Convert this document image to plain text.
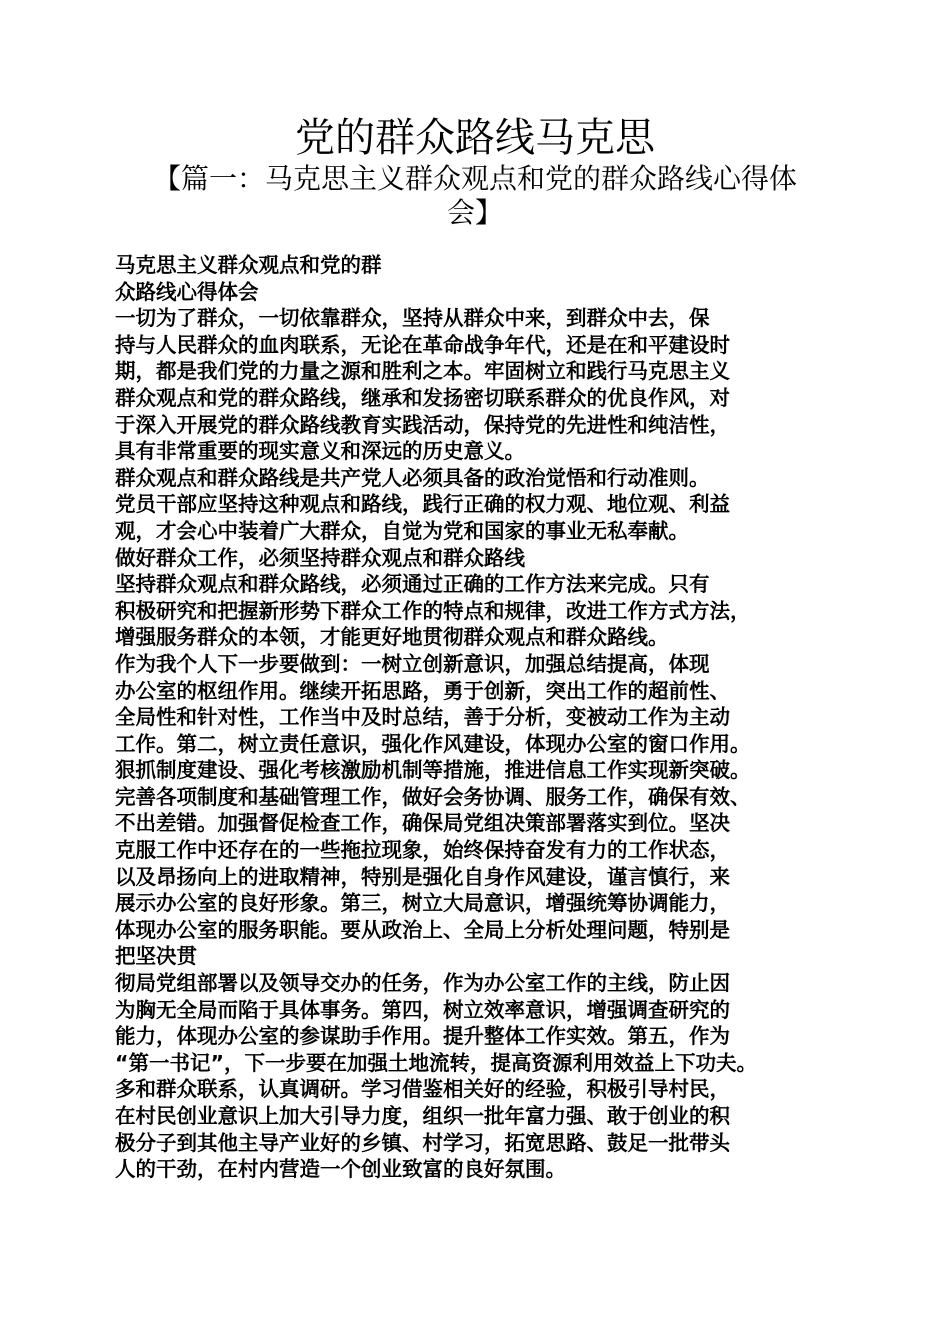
党的群众路线马克思
【篇一：马克思主义群众观点和党的群众路线心得体
会】
马克思主义群众观点和党的群
众路线心得体会
一切为了群众，一切依靠群众，坚持从群众中来，到群众中去，保
持与人民群众的血肉联系，无论在革命战争年代，还是在和平建设时
期，都是我们党的力量之源和胜利之本。牢固树立和践行马克思主义
群众观点和党的群众路线，继承和发扬密切联系群众的优良作风，对
于深入开展党的群众路线教育实践活动，保持党的先进性和纯洁性，
具有非常重要的现实意义和深远的历史意义。
群众观点和群众路线是共产党人必须具备的政治觉悟和行动准则。
党员干部应坚持这种观点和路线，践行正确的权力观、地位观、利益
观，才会心中装着广大群众，自觉为党和国家的事业无私奉献。
做好群众工作，必须坚持群众观点和群众路线
坚持群众观点和群众路线，必须通过正确的工作方法来完成。只有
积极研究和把握新形势下群众工作的特点和规律，改进工作方式方法，
增强服务群众的本领，才能更好地贯彻群众观点和群众路线。
作为我个人下一步要做到：一树立创新意识，加强总结提高，体现
办公室的枢纽作用。继续开拓思路，勇于创新，突出工作的超前性、
全局性和针对性，工作当中及时总结，善于分析，变被动工作为主动
工作。第二，树立责任意识，强化作风建设，体现办公室的窗口作用。
狠抓制度建设、强化考核激励机制等措施，推进信息工作实现新突破。
完善各项制度和基础管理工作，做好会务协调、服务工作，确保有效、
不出差错。加强督促检查工作，确保局党组决策部署落实到位。坚决
克服工作中还存在的一些拖拉现象，始终保持奋发有力的工作状态，
以及昂扬向上的进取精神，特别是强化自身作风建设，谨言慎行，来
展示办公室的良好形象。第三，树立大局意识，增强统筹协调能力，
体现办公室的服务职能。要从政治上、全局上分析处理问题，特别是
把坚决贯
彻局党组部署以及领导交办的任务，作为办公室工作的主线，防止因
为胸无全局而陷于具体事务。第四，树立效率意识，增强调查研究的
能力，体现办公室的参谋助手作用。提升整体工作实效。第五，作为
“第一书记”，下一步要在加强土地流转，提高资源利用效益上下功夫。
多和群众联系，认真调研。学习借鉴相关好的经验，积极引导村民，
在村民创业意识上加大引导力度，组织一批年富力强、敢于创业的积
极分子到其他主导产业好的乡镇、村学习，拓宽思路、鼓足一批带头
人的干劲，在村内营造一个创业致富的良好氛围。
